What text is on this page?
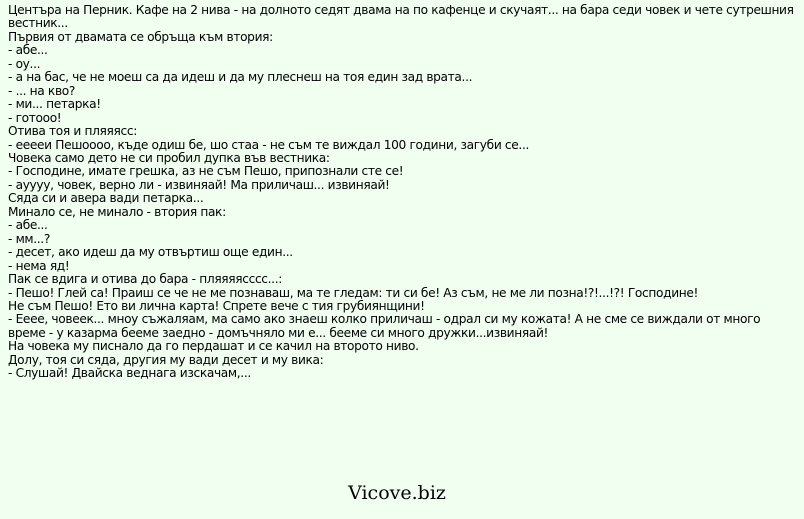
Центъра на Перник. Кафе на 2 нива - на долното седят двама на по кафенце и скучаят... на бара седи човек и чете сутрешния вестник...
Първия от двамата се обръща към втория:
- абе...
- оу...
- а на бас, че не моеш са да идеш и да му плеснеш на тоя един зад врата...
- ... на кво?
- ми... петарка!
- готооо!
Отива тоя и пляяясс:
- ееееи Пешоооо, къде одиш бе, шо стаа - не съм те виждал 100 години, загуби се...
Човека само дето не си пробил дупка във вестника:
- Господине, имате грешка, аз не съм Пешо, припознали сте се!
- ауууу, човек, верно ли - извиняай! Ма приличаш... извиняай!
Сяда си и авера вади петарка...
Минало се, не минало - втория пак:
- абе...
- мм...?
- десет, ако идеш да му отвъртиш още един...
- нема яд!
Пак се вдига и отива до бара - пляяяясссс...:
- Пешо! Глей са! Праиш се че не ме познаваш, ма те гледам: ти си бе! Аз съм, не ме ли позна!?!...!?! Господине!
Не съм Пешо! Ето ви лична карта! Спрете вече с тия грубиянщини!
- Ееее, човеек... мноу съжаляам, ма само ако знаеш колко приличаш - одрал си му кожата! А не сме се виждали от много време - у казарма бееме заедно - домъчняло ми е... бееме си много дружки...извиняай!
На човека му писнало да го пердашат и се качил на второто ниво.
Долу, тоя си сяда, другия му вади десет и му вика:
- Слушай! Двайска веднага изскачам,...
Vicove.biz
